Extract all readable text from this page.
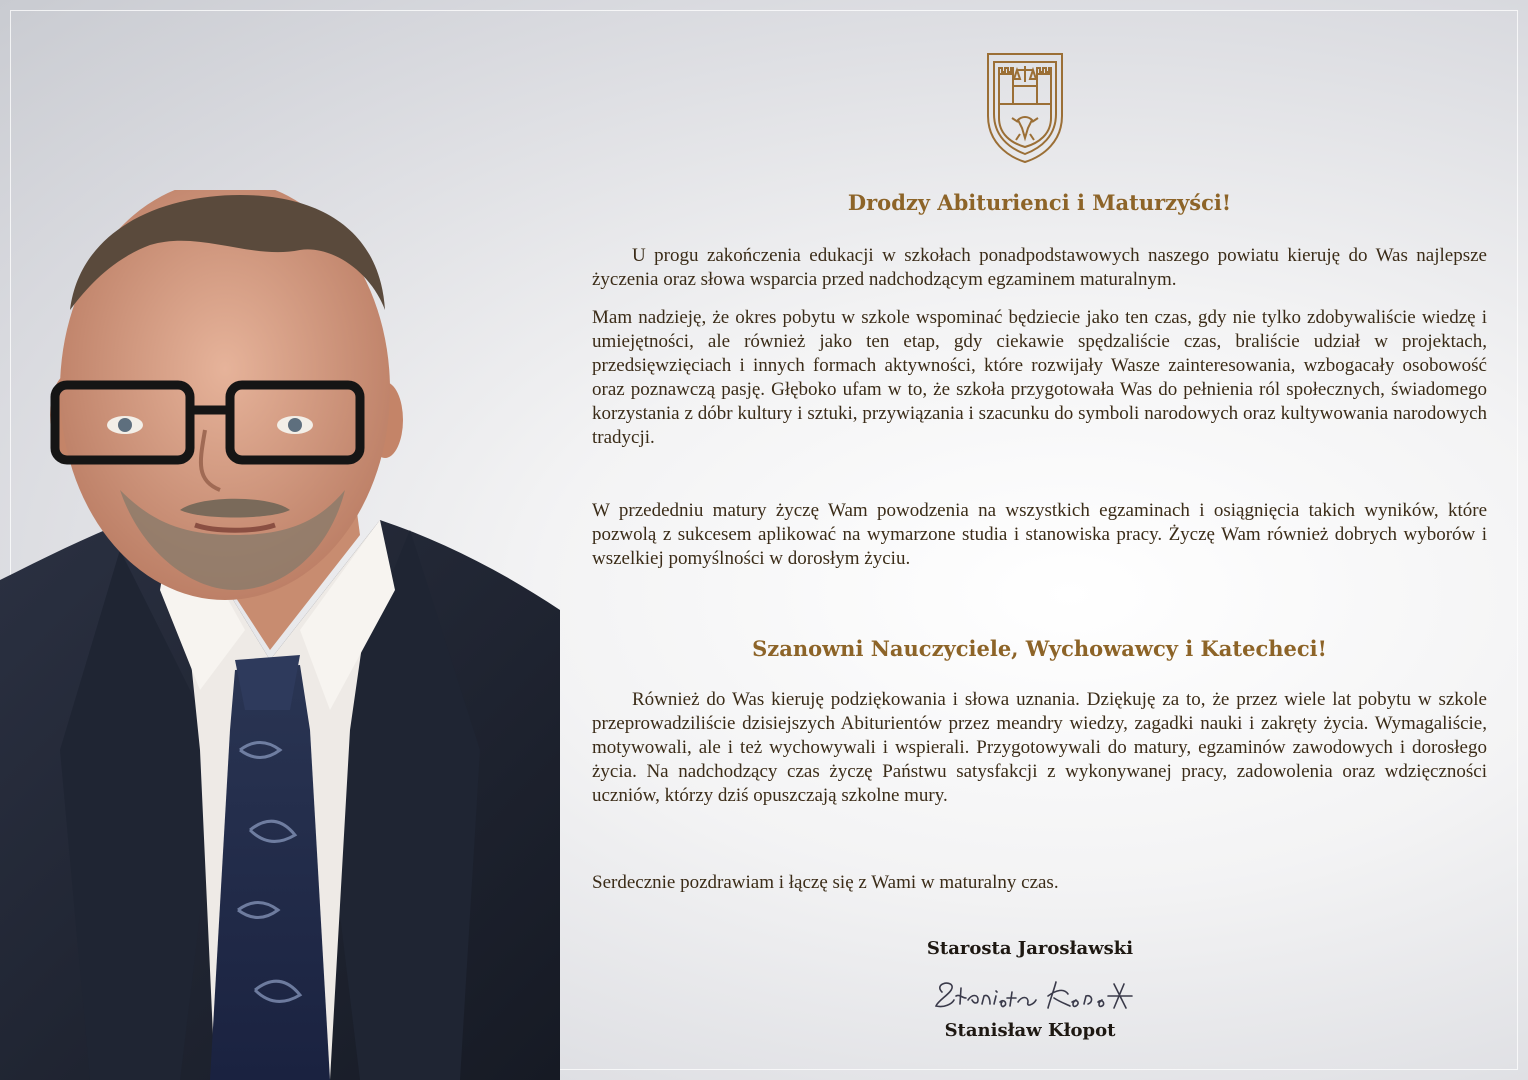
Drodzy Abiturienci i Maturzyści!

U progu zakończenia edukacji w szkołach ponadpodstawowych naszego powiatu kieruję do Was najlepsze życzenia oraz słowa wsparcia przed nadchodzącym egzaminem maturalnym.

Mam nadzieję, że okres pobytu w szkole wspominać będziecie jako ten czas, gdy nie tylko zdobywaliście wiedzę i umiejętności, ale również jako ten etap, gdy ciekawie spędzaliście czas, braliście udział w projektach, przedsięwzięciach i innych formach aktywności, które rozwijały Wasze zainteresowania, wzbogacały osobowość oraz poznawczą pasję. Głęboko ufam w to, że szkoła przygotowała Was do pełnienia ról społecznych, świadomego korzystania z dóbr kultury i sztuki, przywiązania i szacunku do symboli narodowych oraz kultywowania narodowych tradycji.

W przededniu matury życzę Wam powodzenia na wszystkich egzaminach i osiągnięcia takich wyników, które pozwolą z sukcesem aplikować na wymarzone studia i stanowiska pracy. Życzę Wam również dobrych wyborów i wszelkiej pomyślności w dorosłym życiu.

Również do Was kieruję podziękowania i słowa uznania. Dziękuję za to, że przez wiele lat pobytu w szkole przeprowadziliście dzisiejszych Abiturientów przez meandry wiedzy, zagadki nauki i zakręty życia. Wymagaliście, motywowali, ale i też wychowywali i wspierali. Przygotowywali do matury, egzaminów zawodowych i dorosłego życia. Na nadchodzący czas życzę Państwu satysfakcji z wykonywanej pracy, zadowolenia oraz wdzięczności uczniów, którzy dziś opuszczają szkolne mury.

Serdecznie pozdrawiam i łączę się z Wami w maturalny czas.

Szanowni Nauczyciele, Wychowawcy i Katecheci!

Starosta Jarosławski

Stanisław Kłopot
